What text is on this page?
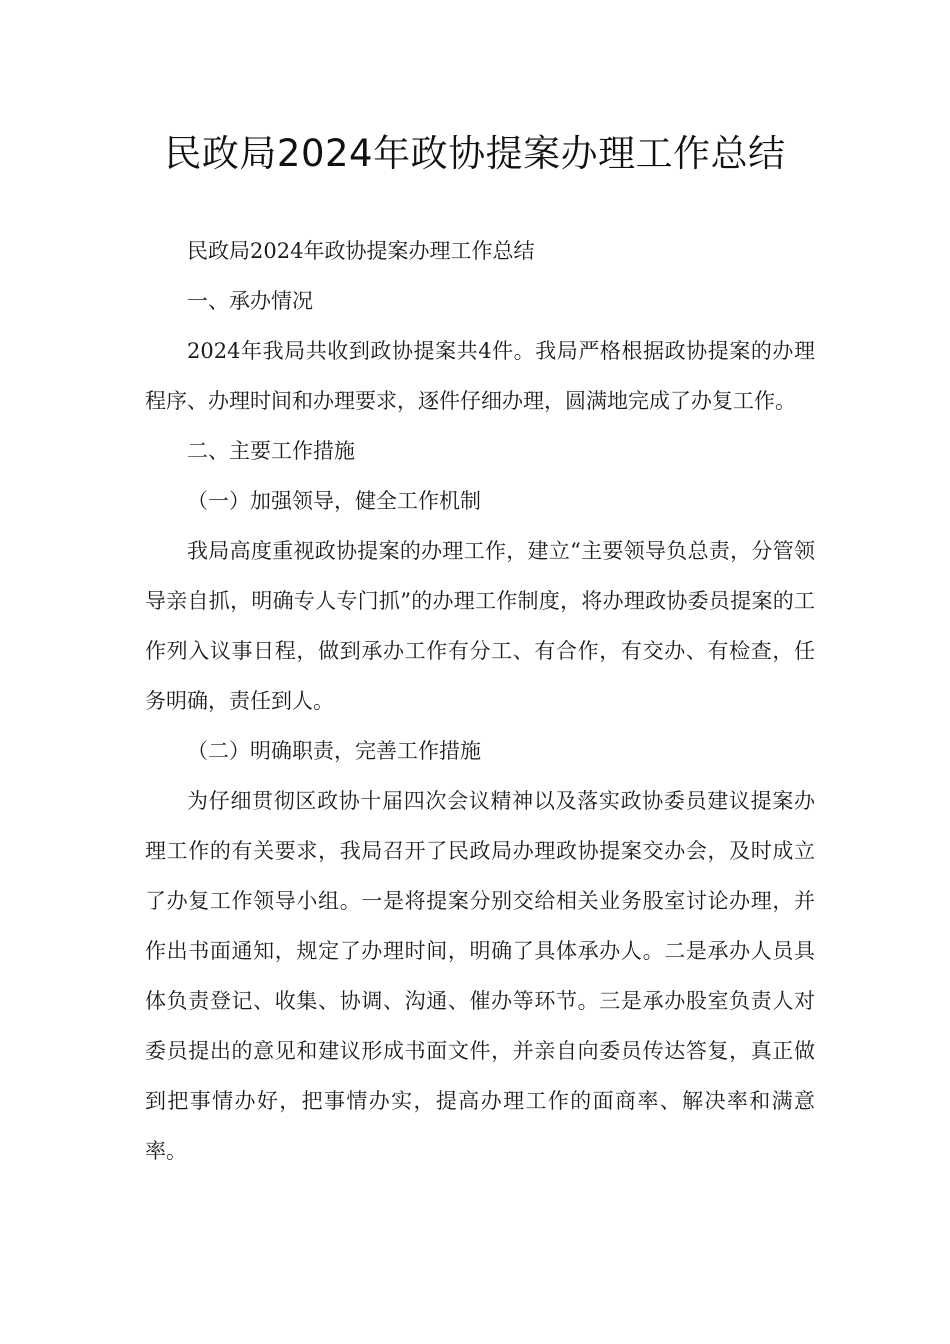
民政局2024年政协提案办理工作总结

民政局2024年政协提案办理工作总结

一、承办情况

2024年我局共收到政协提案共4件。我局严格根据政协提案的办理程序、办理时间和办理要求，逐件仔细办理，圆满地完成了办复工作。

二、主要工作措施

（一）加强领导，健全工作机制

我局高度重视政协提案的办理工作，建立“主要领导负总责，分管领导亲自抓，明确专人专门抓”的办理工作制度，将办理政协委员提案的工作列入议事日程，做到承办工作有分工、有合作，有交办、有检查，任务明确，责任到人。

（二）明确职责，完善工作措施

为仔细贯彻区政协十届四次会议精神以及落实政协委员建议提案办理工作的有关要求，我局召开了民政局办理政协提案交办会，及时成立了办复工作领导小组。一是将提案分别交给相关业务股室讨论办理，并作出书面通知，规定了办理时间，明确了具体承办人。二是承办人员具体负责登记、收集、协调、沟通、催办等环节。三是承办股室负责人对委员提出的意见和建议形成书面文件，并亲自向委员传达答复，真正做到把事情办好，把事情办实，提高办理工作的面商率、解决率和满意率。
